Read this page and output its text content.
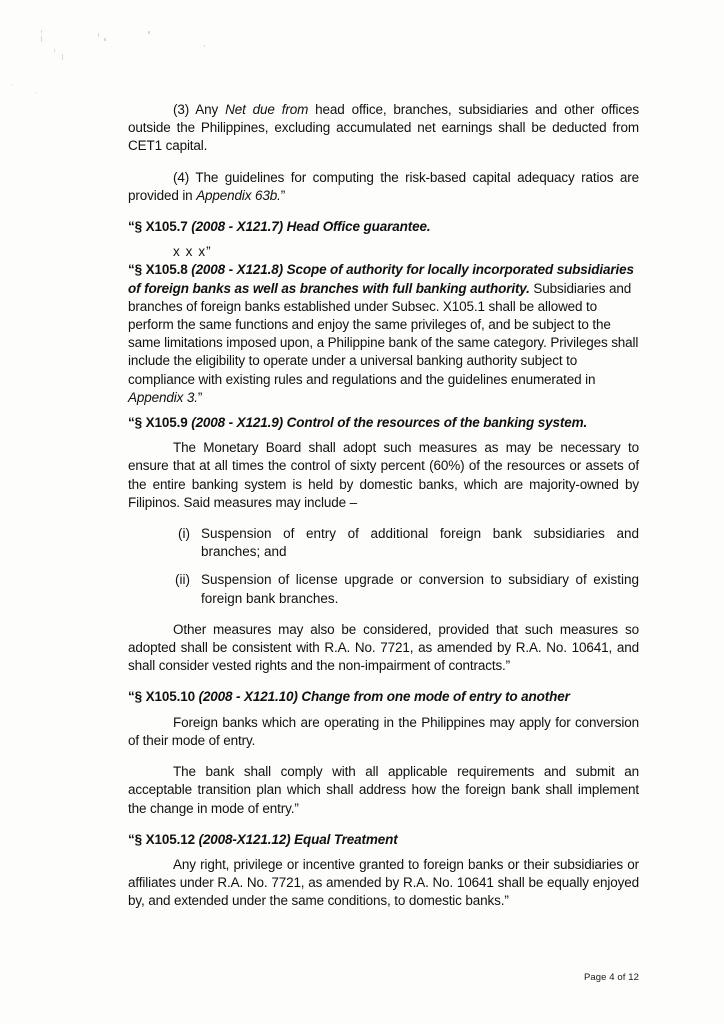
(3) Any Net due from head office, branches, subsidiaries and other offices outside the Philippines, excluding accumulated net earnings shall be deducted from CET1 capital.

(4) The guidelines for computing the risk-based capital adequacy ratios are provided in Appendix 63b.”

“§ X105.7 (2008 - X121.7) Head Office guarantee.

x x x”

“§ X105.8 (2008 - X121.8) Scope of authority for locally incorporated subsidiaries of foreign banks as well as branches with full banking authority. Subsidiaries and branches of foreign banks established under Subsec. X105.1 shall be allowed to perform the same functions and enjoy the same privileges of, and be subject to the same limitations imposed upon, a Philippine bank of the same category. Privileges shall include the eligibility to operate under a universal banking authority subject to compliance with existing rules and regulations and the guidelines enumerated in Appendix 3.”
“§ X105.9 (2008 - X121.9) Control of the resources of the banking system.

The Monetary Board shall adopt such measures as may be necessary to ensure that at all times the control of sixty percent (60%) of the resources or assets of the entire banking system is held by domestic banks, which are majority-owned by Filipinos. Said measures may include –

(i) Suspension of entry of additional foreign bank subsidiaries and branches; and
(ii) Suspension of license upgrade or conversion to subsidiary of existing foreign bank branches.

Other measures may also be considered, provided that such measures so adopted shall be consistent with R.A. No. 7721, as amended by R.A. No. 10641, and shall consider vested rights and the non-impairment of contracts.”

“§ X105.10 (2008 - X121.10) Change from one mode of entry to another

Foreign banks which are operating in the Philippines may apply for conversion of their mode of entry.

The bank shall comply with all applicable requirements and submit an acceptable transition plan which shall address how the foreign bank shall implement the change in mode of entry.”

“§ X105.12 (2008-X121.12) Equal Treatment

Any right, privilege or incentive granted to foreign banks or their subsidiaries or affiliates under R.A. No. 7721, as amended by R.A. No. 10641 shall be equally enjoyed by, and extended under the same conditions, to domestic banks.”

Page 4 of 12
